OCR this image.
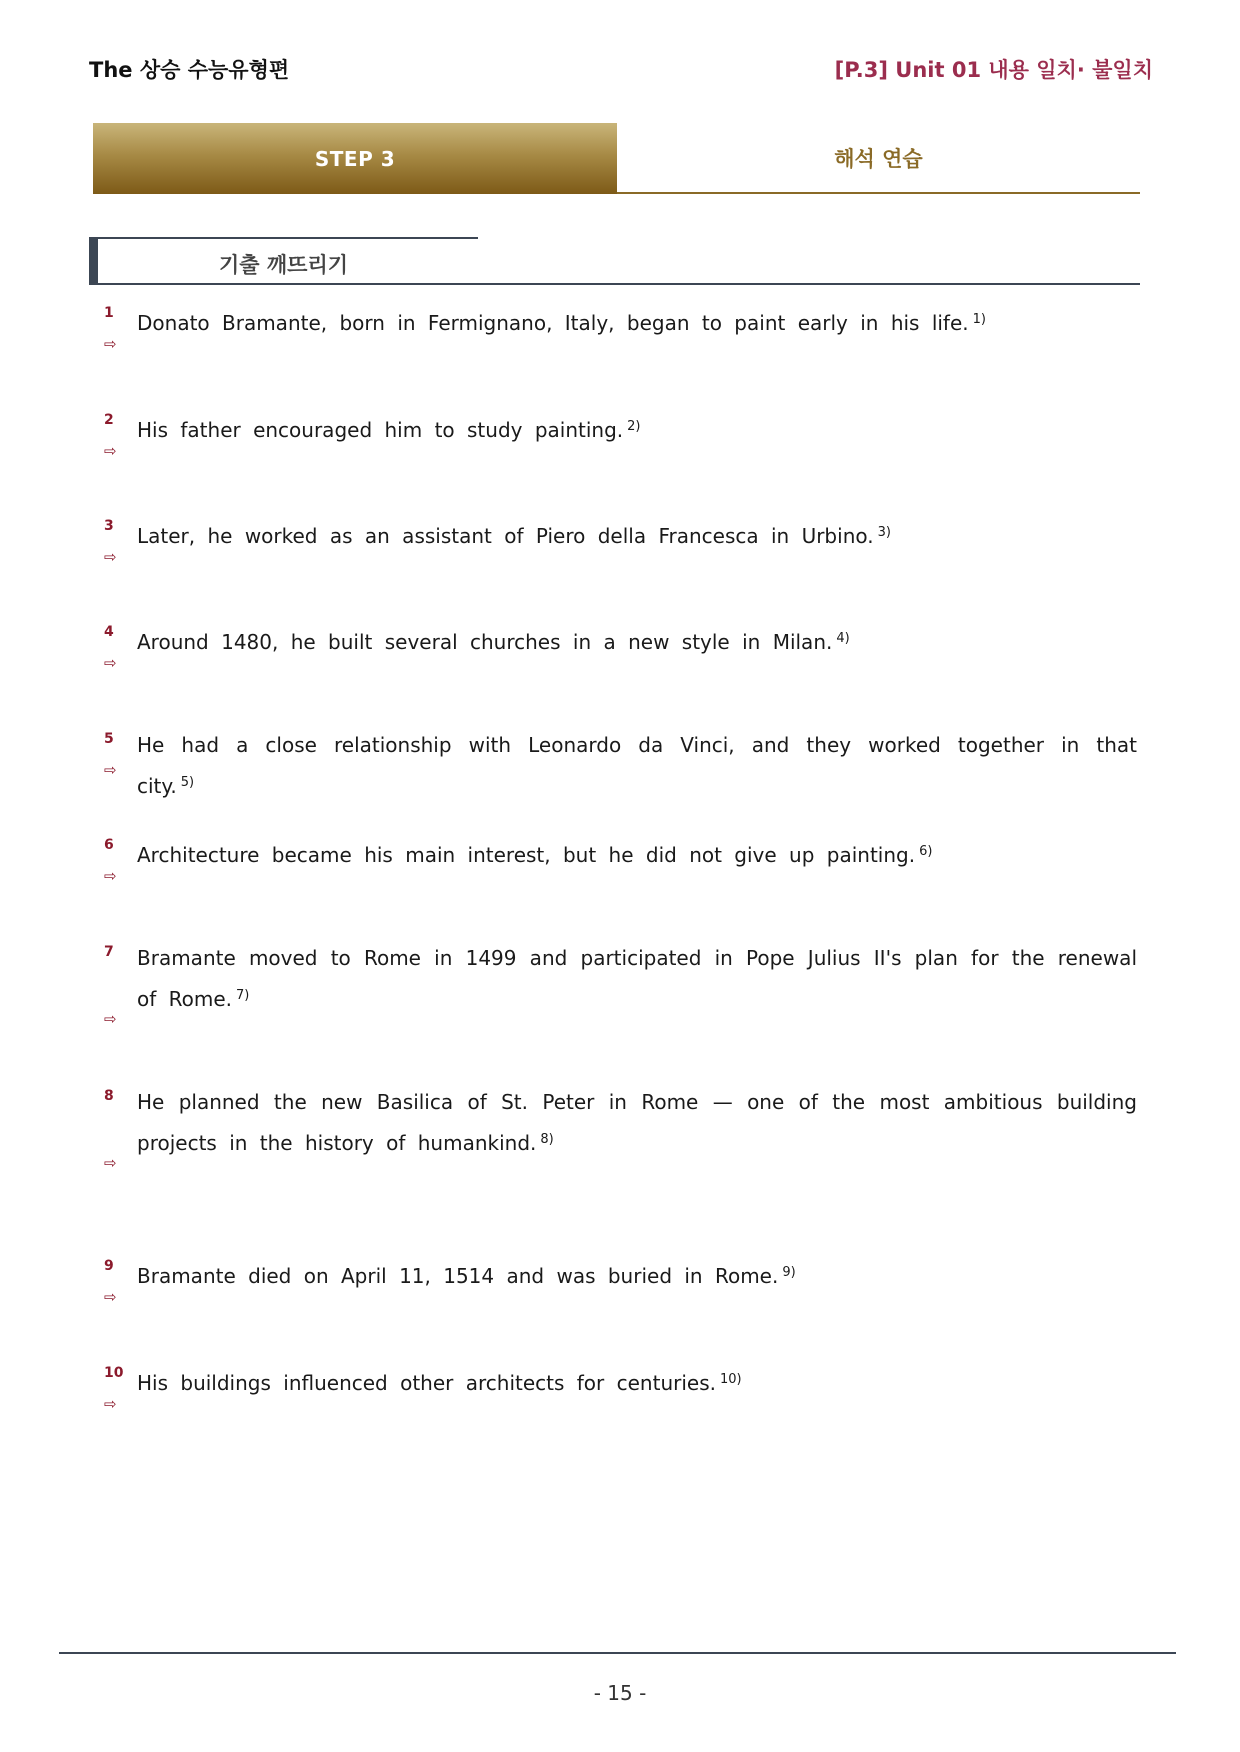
The 상승 수능유형편	[P.3] Unit 01 내용 일치· 불일치
STEP 3	해석 연습
기출 깨뜨리기
1 Donato Bramante, born in Fermignano, Italy, began to paint early in his life. $^{1)}$
⇨
2 His father encouraged him to study painting. $^{2)}$
⇨
3 Later, he worked as an assistant of Piero della Francesca in Urbino. $^{3)}$
⇨
4 Around 1480, he built several churches in a new style in Milan. $^{4)}$
⇨
5 He had a close relationship with Leonardo da Vinci, and they worked together in that city. $^{5)}$
⇨
6 Architecture became his main interest, but he did not give up painting. $^{6)}$
⇨
7 Bramante moved to Rome in 1499 and participated in Pope Julius II's plan for the renewal of Rome. $^{7)}$
⇨
8 He planned the new Basilica of St. Peter in Rome — one of the most ambitious building projects in the history of humankind. $^{8)}$
⇨
9 Bramante died on April 11, 1514 and was buried in Rome. $^{9)}$
⇨
10 His buildings influenced other architects for centuries. $^{10)}$
⇨
- 15 -
